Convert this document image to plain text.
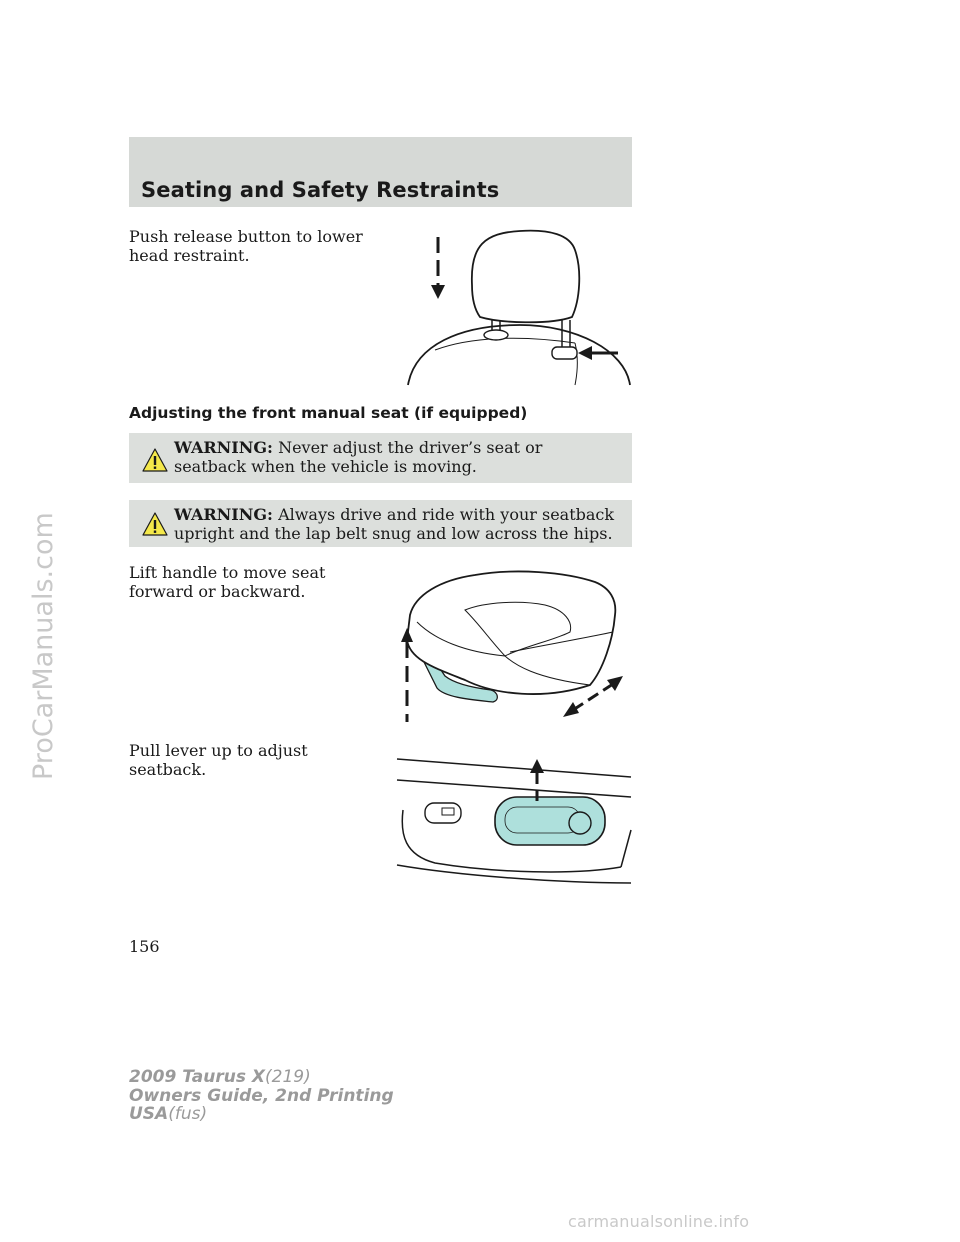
ProCarManuals.com
Seating and Safety Restraints

Push release button to lower head restraint.

Adjusting the front manual seat (if equipped)

WARNING: Never adjust the driver’s seat or seatback when the vehicle is moving.

WARNING: Always drive and ride with your seatback upright and the lap belt snug and low across the hips.

Lift handle to move seat forward or backward.

Pull lever up to adjust seatback.

156

2009 Taurus X(219)
Owners Guide, 2nd Printing
USA(fus)

carmanualsonline.info
